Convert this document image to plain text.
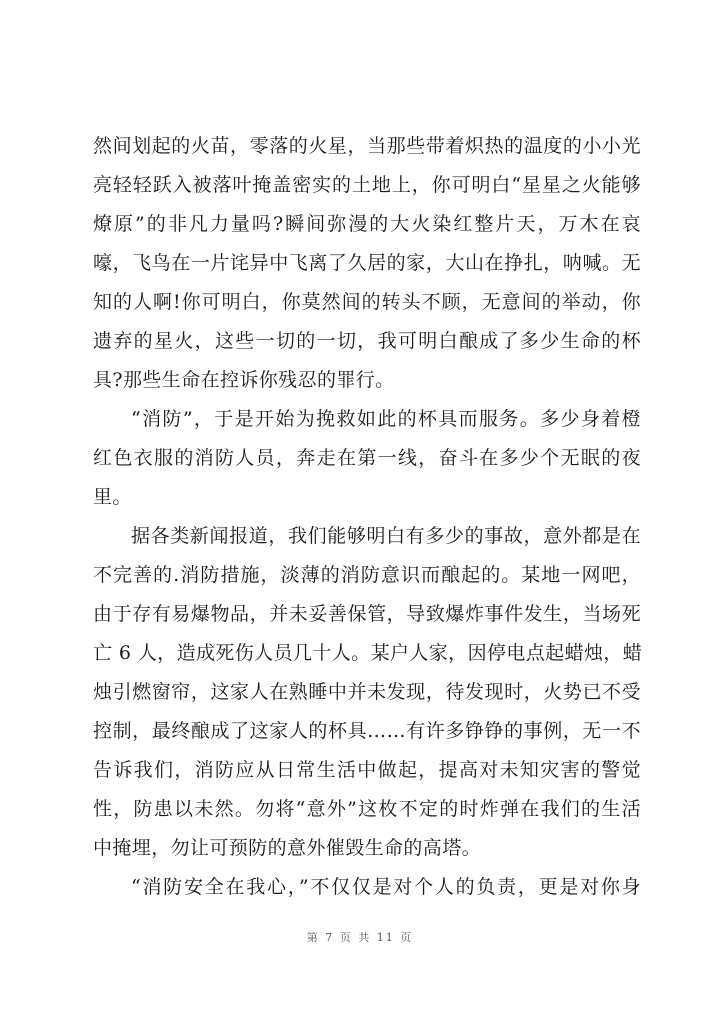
然间划起的火苗，零落的火星，当那些带着炽热的温度的小小光
亮轻轻跃入被落叶掩盖密实的土地上，你可明白“星星之火能够
燎原”的非凡力量吗?瞬间弥漫的大火染红整片天，万木在哀
嚎，飞鸟在一片诧异中飞离了久居的家，大山在挣扎，呐喊。无
知的人啊!你可明白，你莫然间的转头不顾，无意间的举动，你
遗弃的星火，这些一切的一切，我可明白酿成了多少生命的杯
具?那些生命在控诉你残忍的罪行。
“消防”，于是开始为挽救如此的杯具而服务。多少身着橙
红色衣服的消防人员，奔走在第一线，奋斗在多少个无眠的夜
里。
据各类新闻报道，我们能够明白有多少的事故，意外都是在
不完善的.消防措施，淡薄的消防意识而酿起的。某地一网吧，
由于存有易爆物品，并未妥善保管，导致爆炸事件发生，当场死
亡 6 人，造成死伤人员几十人。某户人家，因停电点起蜡烛，蜡
烛引燃窗帘，这家人在熟睡中并未发现，待发现时，火势已不受
控制，最终酿成了这家人的杯具……有许多铮铮的事例，无一不
告诉我们，消防应从日常生活中做起，提高对未知灾害的警觉
性，防患以未然。勿将“意外”这枚不定的时炸弹在我们的生活
中掩埋，勿让可预防的意外催毁生命的高塔。
“消防安全在我心，”不仅仅是对个人的负责，更是对你身
第 7 页 共 11 页
